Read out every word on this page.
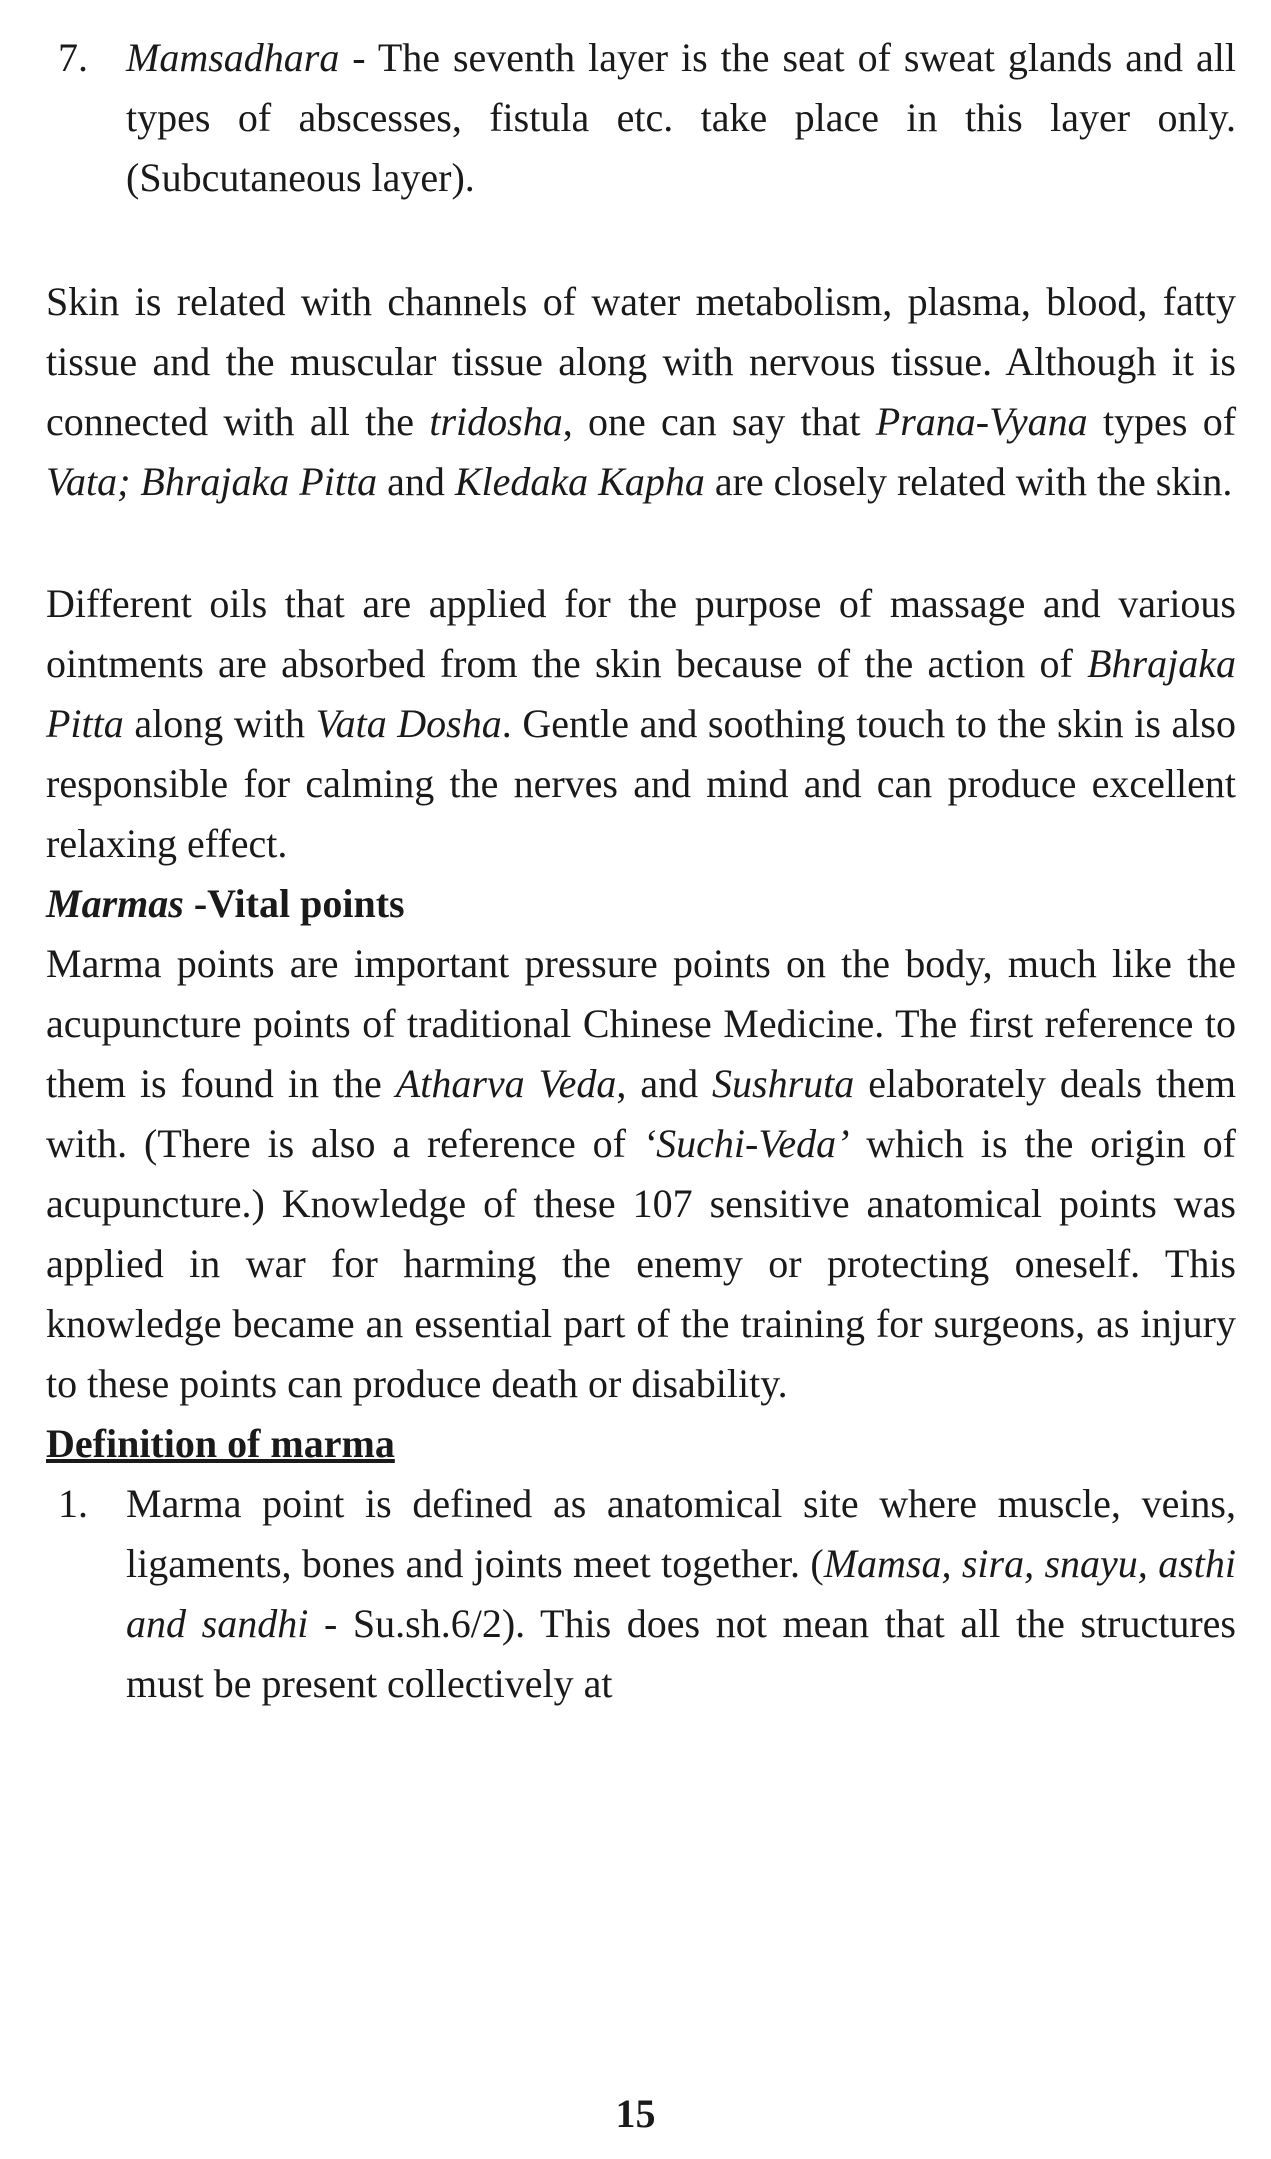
7. Mamsadhara - The seventh layer is the seat of sweat glands and all types of abscesses, fistula etc. take place in this layer only. (Subcutaneous layer).

Skin is related with channels of water metabolism, plasma, blood, fatty tissue and the muscular tissue along with nervous tissue. Although it is connected with all the tridosha, one can say that Prana-Vyana types of Vata; Bhrajaka Pitta and Kledaka Kapha are closely related with the skin.

Different oils that are applied for the purpose of massage and various ointments are absorbed from the skin because of the action of Bhrajaka Pitta along with Vata Dosha. Gentle and soothing touch to the skin is also responsible for calming the nerves and mind and can produce excellent relaxing effect.

Marmas -Vital points

Marma points are important pressure points on the body, much like the acupuncture points of traditional Chinese Medicine. The first reference to them is found in the Atharva Veda, and Sushruta elaborately deals them with. (There is also a reference of ‘Suchi-Veda’ which is the origin of acupuncture.) Knowledge of these 107 sensitive anatomical points was applied in war for harming the enemy or protecting oneself. This knowledge became an essential part of the training for surgeons, as injury to these points can produce death or disability.

Definition of marma
1. Marma point is defined as anatomical site where muscle, veins, ligaments, bones and joints meet together. (Mamsa, sira, snayu, asthi and sandhi - Su.sh.6/2). This does not mean that all the structures must be present collectively at
15
